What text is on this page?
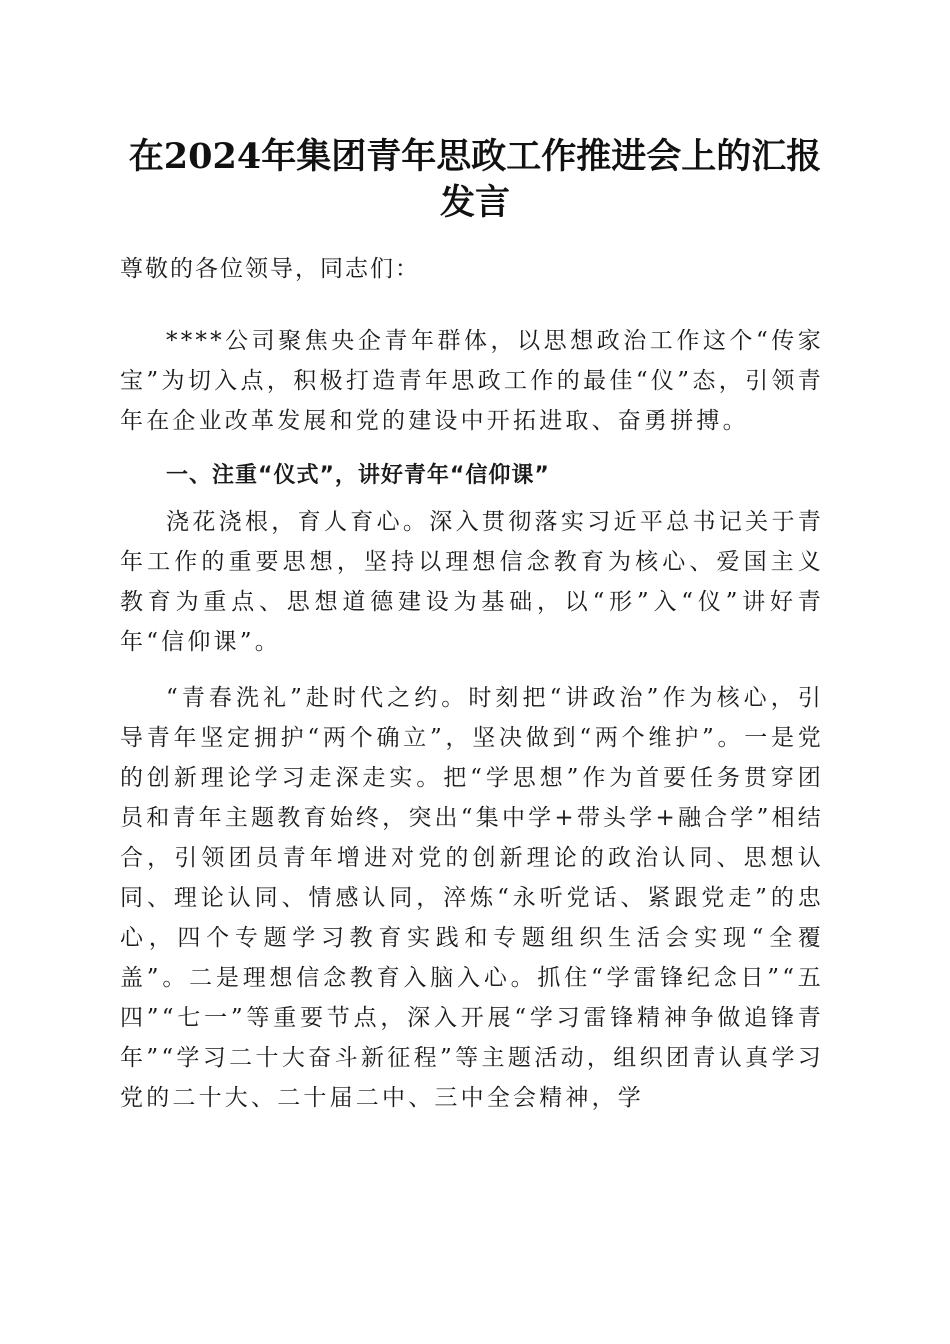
在2024年集团青年思政工作推进会上的汇报发言
尊敬的各位领导，同志们：

****公司聚焦央企青年群体，以思想政治工作这个“传家宝”为切入点，积极打造青年思政工作的最佳“仪”态，引领青年在企业改革发展和党的建设中开拓进取、奋勇拼搏。

一、注重“仪式”，讲好青年“信仰课”

浇花浇根，育人育心。深入贯彻落实习近平总书记关于青年工作的重要思想，坚持以理想信念教育为核心、爱国主义教育为重点、思想道德建设为基础，以“形”入“仪”讲好青年“信仰课”。

“青春洗礼”赴时代之约。时刻把“讲政治”作为核心，引导青年坚定拥护“两个确立”，坚决做到“两个维护”。一是党的创新理论学习走深走实。把“学思想”作为首要任务贯穿团员和青年主题教育始终，突出“集中学+带头学+融合学”相结合，引领团员青年增进对党的创新理论的政治认同、思想认同、理论认同、情感认同，淬炼“永听党话、紧跟党走”的忠心，四个专题学习教育实践和专题组织生活会实现“全覆盖”。二是理想信念教育入脑入心。抓住“学雷锋纪念日”“五四”“七一”等重要节点，深入开展“学习雷锋精神争做追锋青年”“学习二十大奋斗新征程”等主题活动，组织团青认真学习党的二十大、二十届二中、三中全会精神，学
